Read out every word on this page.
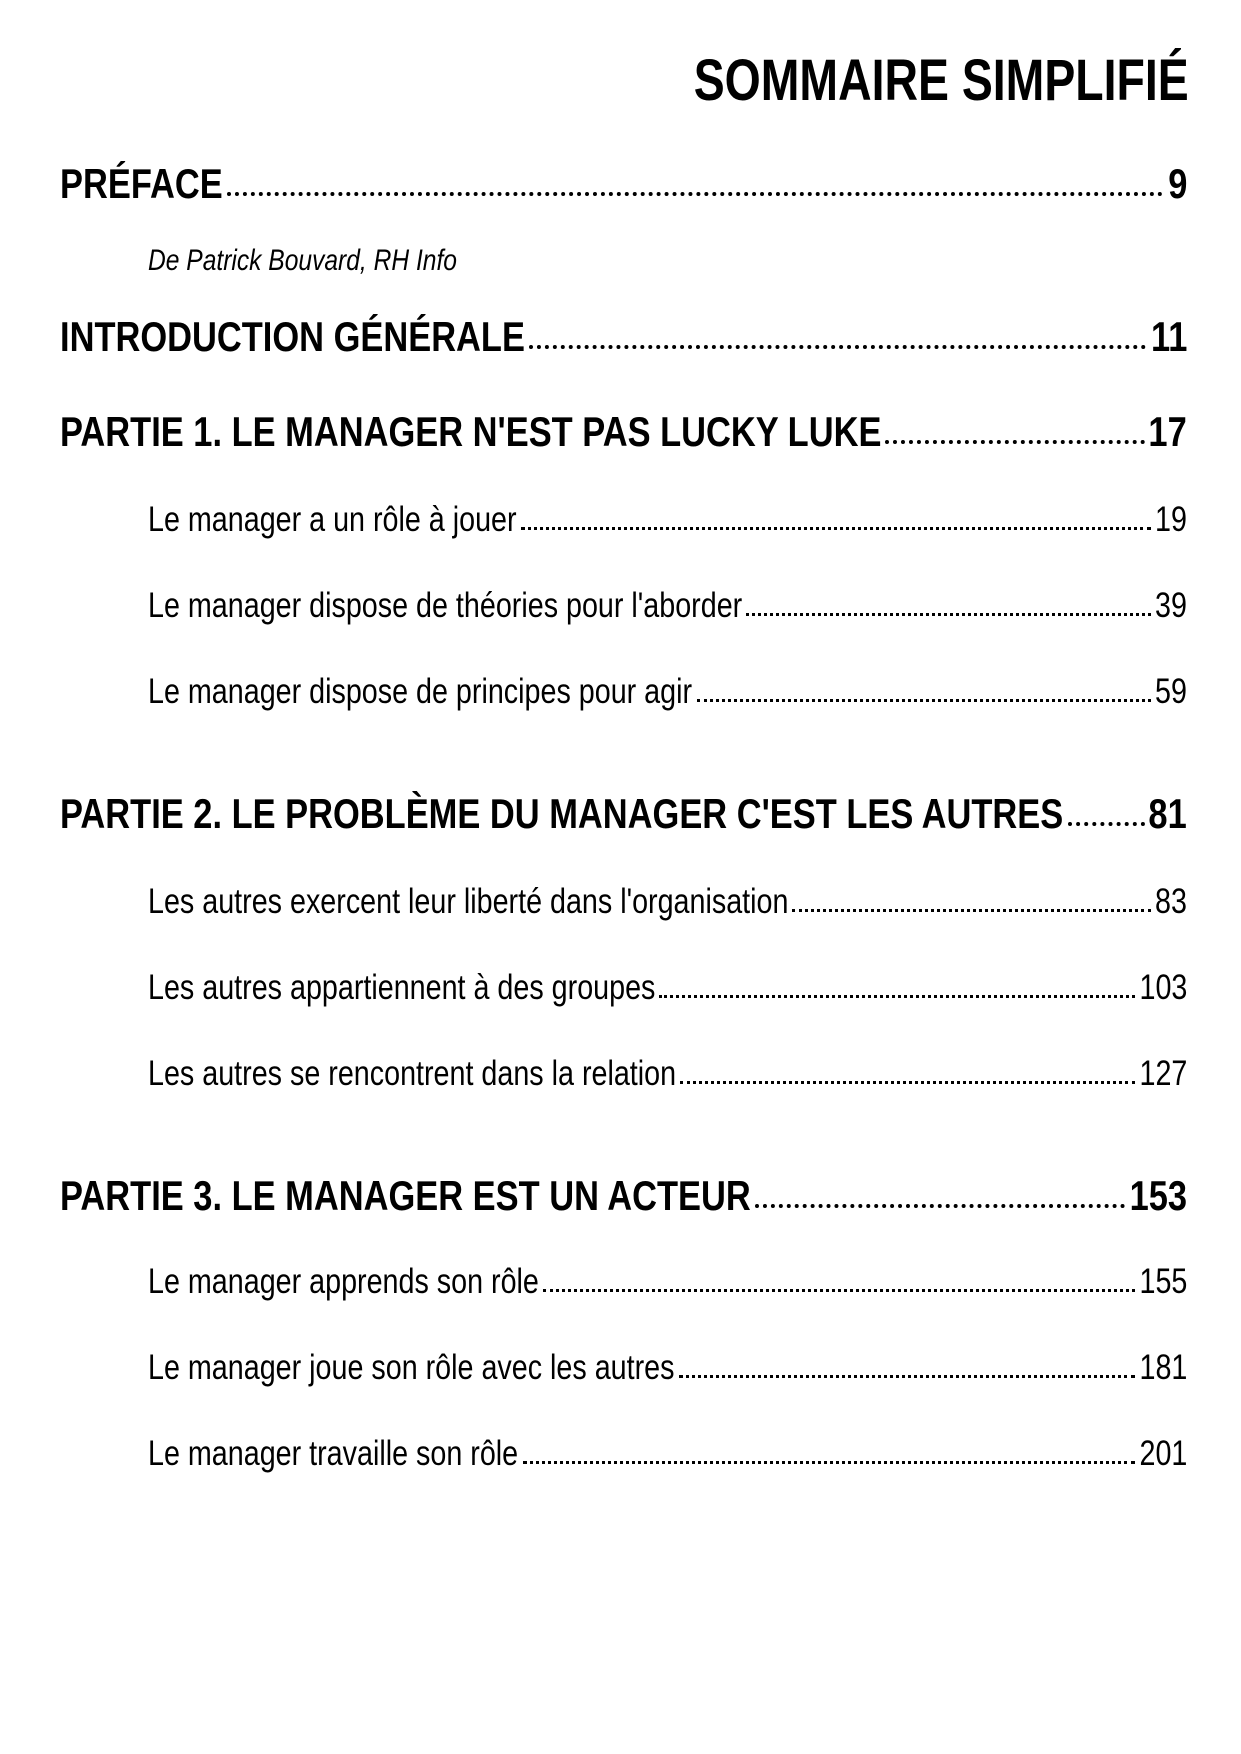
SOMMAIRE SIMPLIFIÉ
PRÉFACE	9
De Patrick Bouvard, RH Info
INTRODUCTION GÉNÉRALE	11
PARTIE 1. LE MANAGER N'EST PAS LUCKY LUKE	17
Le manager a un rôle à jouer	19
Le manager dispose de théories pour l'aborder	39
Le manager dispose de principes pour agir	59
PARTIE 2. LE PROBLÈME DU MANAGER C'EST LES AUTRES 81
Les autres exercent leur liberté dans l'organisation	83
Les autres appartiennent à des groupes	103
Les autres se rencontrent dans la relation	127
PARTIE 3. LE MANAGER EST UN ACTEUR	153
Le manager apprends son rôle	155
Le manager joue son rôle avec les autres	181
Le manager travaille son rôle	201
